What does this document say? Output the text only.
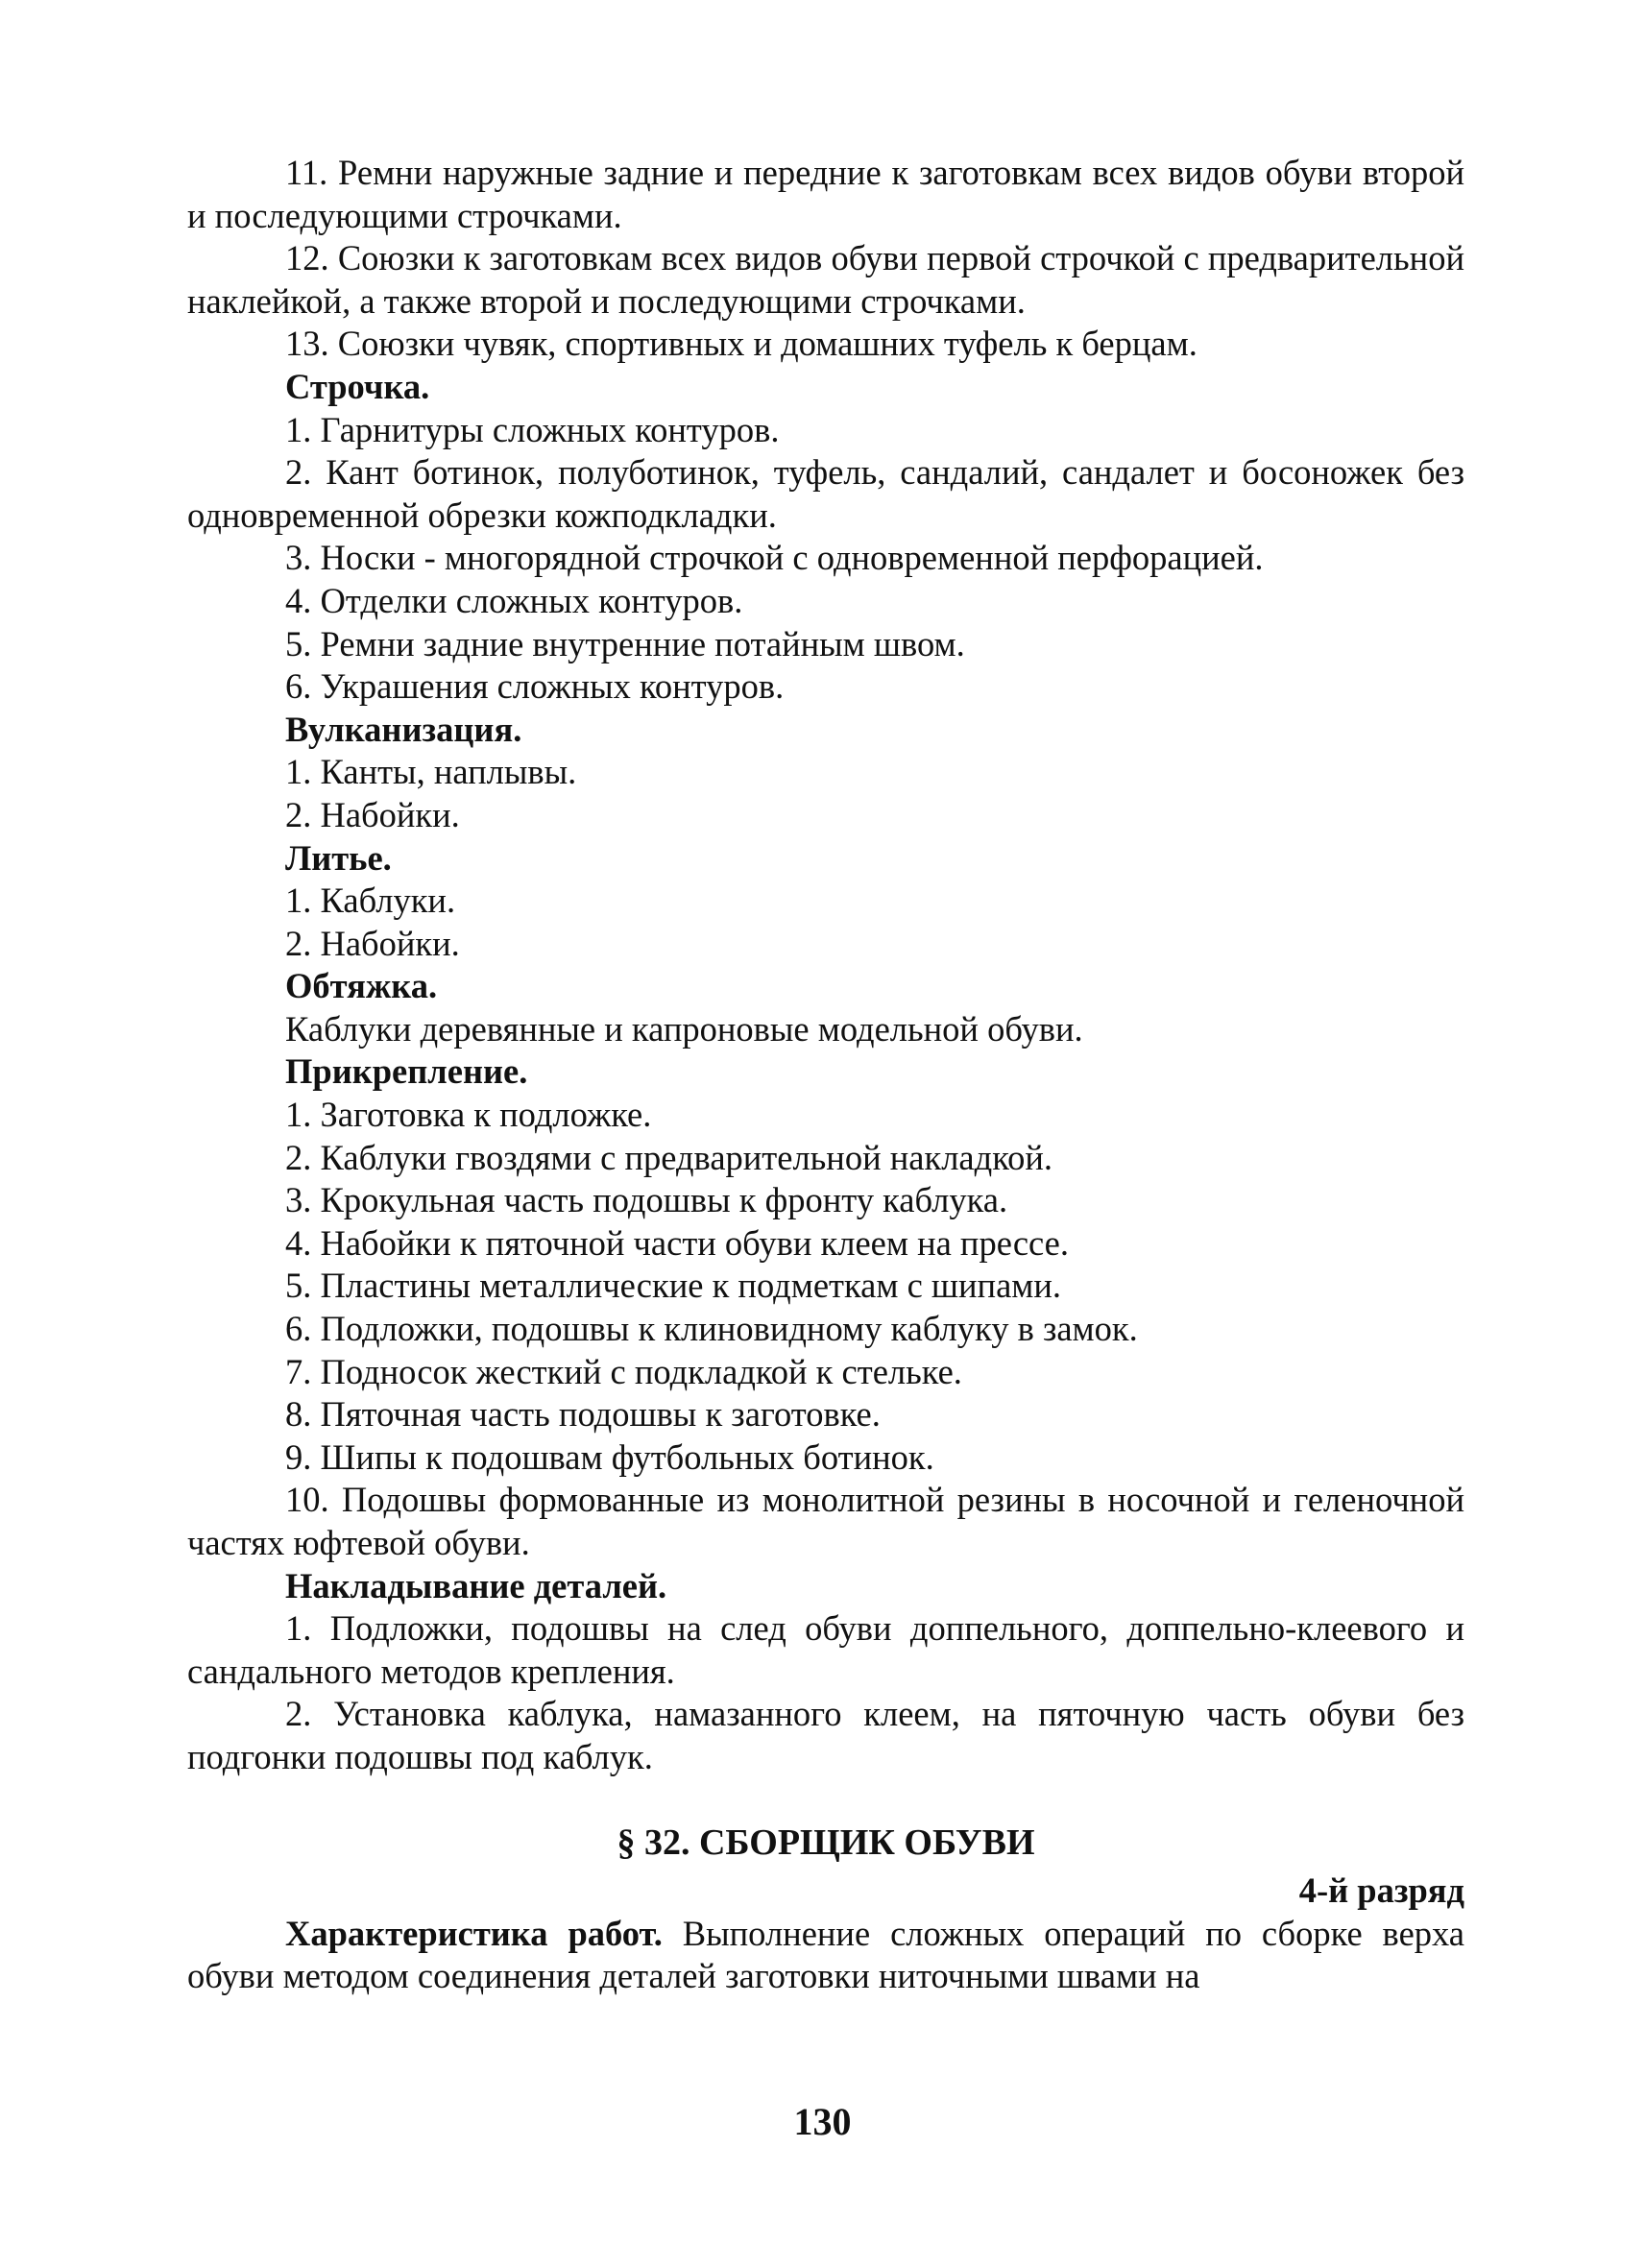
11. Ремни наружные задние и передние к заготовкам всех видов обуви второй и последующими строчками.

12. Союзки к заготовкам всех видов обуви первой строчкой с предварительной наклейкой, а также второй и последующими строчками.

13. Союзки чувяк, спортивных и домашних туфель к берцам.

Строчка.

1. Гарнитуры сложных контуров.

2. Кант ботинок, полуботинок, туфель, сандалий, сандалет и босоножек без одновременной обрезки кожподкладки.

3. Носки - многорядной строчкой с одновременной перфорацией.

4. Отделки сложных контуров.

5. Ремни задние внутренние потайным швом.

6. Украшения сложных контуров.

Вулканизация.

1. Канты, наплывы.

2. Набойки.

Литье.

1. Каблуки.

2. Набойки.

Обтяжка.

Каблуки деревянные и капроновые модельной обуви.

Прикрепление.

1. Заготовка к подложке.

2. Каблуки гвоздями с предварительной накладкой.

3. Крокульная часть подошвы к фронту каблука.

4. Набойки к пяточной части обуви клеем на прессе.

5. Пластины металлические к подметкам с шипами.

6. Подложки, подошвы к клиновидному каблуку в замок.

7. Подносок жесткий с подкладкой к стельке.

8. Пяточная часть подошвы к заготовке.

9. Шипы к подошвам футбольных ботинок.

10. Подошвы формованные из монолитной резины в носочной и геленочной частях юфтевой обуви.

Накладывание деталей.

1. Подложки, подошвы на след обуви доппельного, доппельно-клеевого и сандального методов крепления.

2. Установка каблука, намазанного клеем, на пяточную часть обуви без подгонки подошвы под каблук.

§ 32. СБОРЩИК ОБУВИ

4-й разряд

Характеристика работ. Выполнение сложных операций по сборке верха обуви методом соединения деталей заготовки ниточными швами на

130
